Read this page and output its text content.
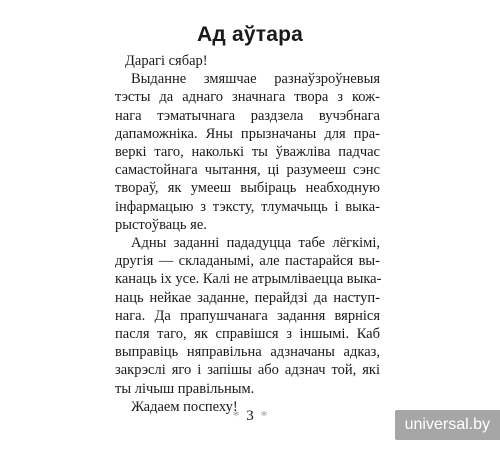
Ад аўтара
Дарагі сябар!

Выданне змяшчае разнаўзроўневыя
тэсты да аднаго значнага твора з кож-
нага тэматычнага раздзела вучэбнага
дапаможніка. Яны прызначаны для пра-
веркі таго, наколькі ты ўважліва падчас
самастойнага чытання, ці разумееш сэнс
твораў, як умееш выбіраць неабходную
інфармацыю з тэксту, тлумачыць і выка-
рыстоўваць яе.

Адны заданні пададуцца табе лёгкімі,
другія — складанымі, але пастарайся вы-
канаць іх усе. Калі не атрымліваецца выка-
наць нейкае заданне, перайдзі да наступ-
нага. Да прапушчанага задання вярніся
пасля таго, як справішся з іншымі. Каб
выправіць няправільна адзначаны адказ,
закрэслі яго і запішы або адзнач той, які
ты лічыш правільным.

Жадаем поспеху!

* 3 *	universal.by
